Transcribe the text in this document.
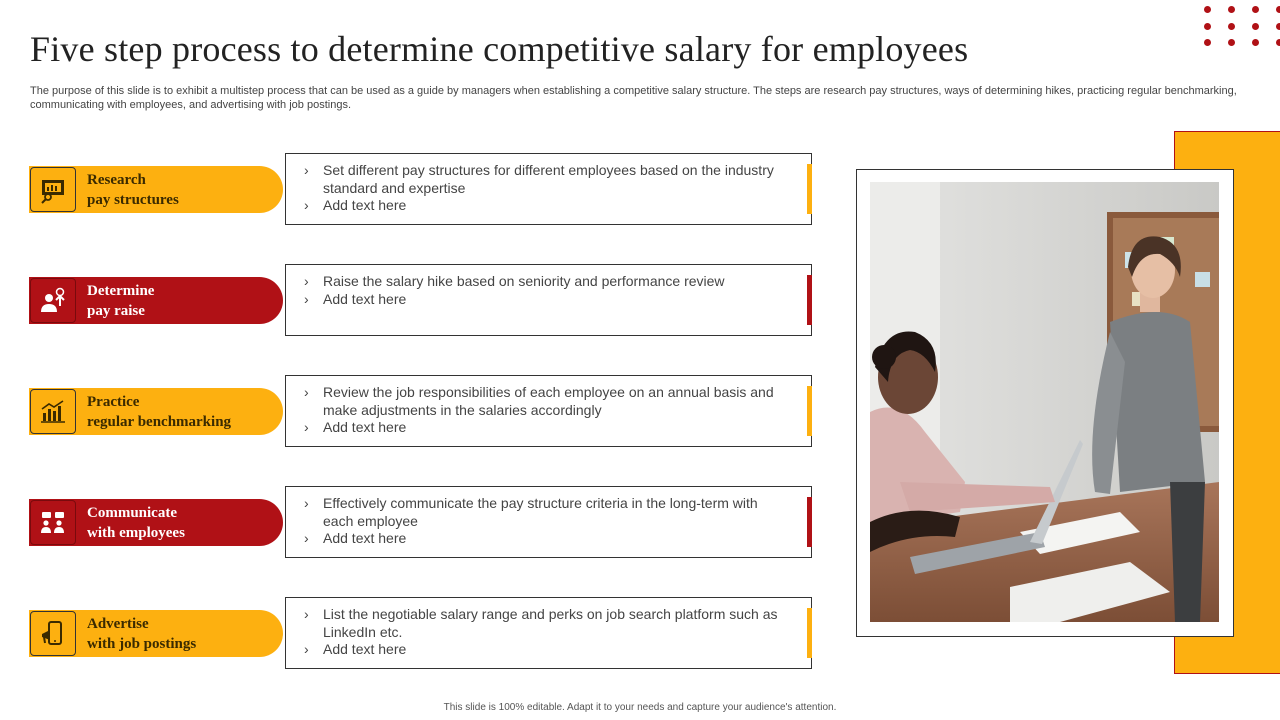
Five step process to determine competitive salary for employees

The purpose of this slide is to exhibit a multistep process that can be used as a guide by managers when establishing a competitive salary structure. The steps are research pay structures, ways of determining hikes, practicing regular benchmarking, communicating with employees, and advertising with job postings.

Research
pay structures
› Set different pay structures for different employees based on the industry standard and expertise
› Add text here
Determine
pay raise
› Raise the salary hike based on seniority and performance review
› Add text here
Practice
regular benchmarking
› Review the job responsibilities of each employee on an annual basis and make adjustments in the salaries accordingly
› Add text here
Communicate
with employees
› Effectively communicate the pay structure criteria in the long-term with each employee
› Add text here
Advertise
with job postings
› List the negotiable salary range and perks on job search platform such as LinkedIn etc.
› Add text here
This slide is 100% editable. Adapt it to your needs and capture your audience's attention.
